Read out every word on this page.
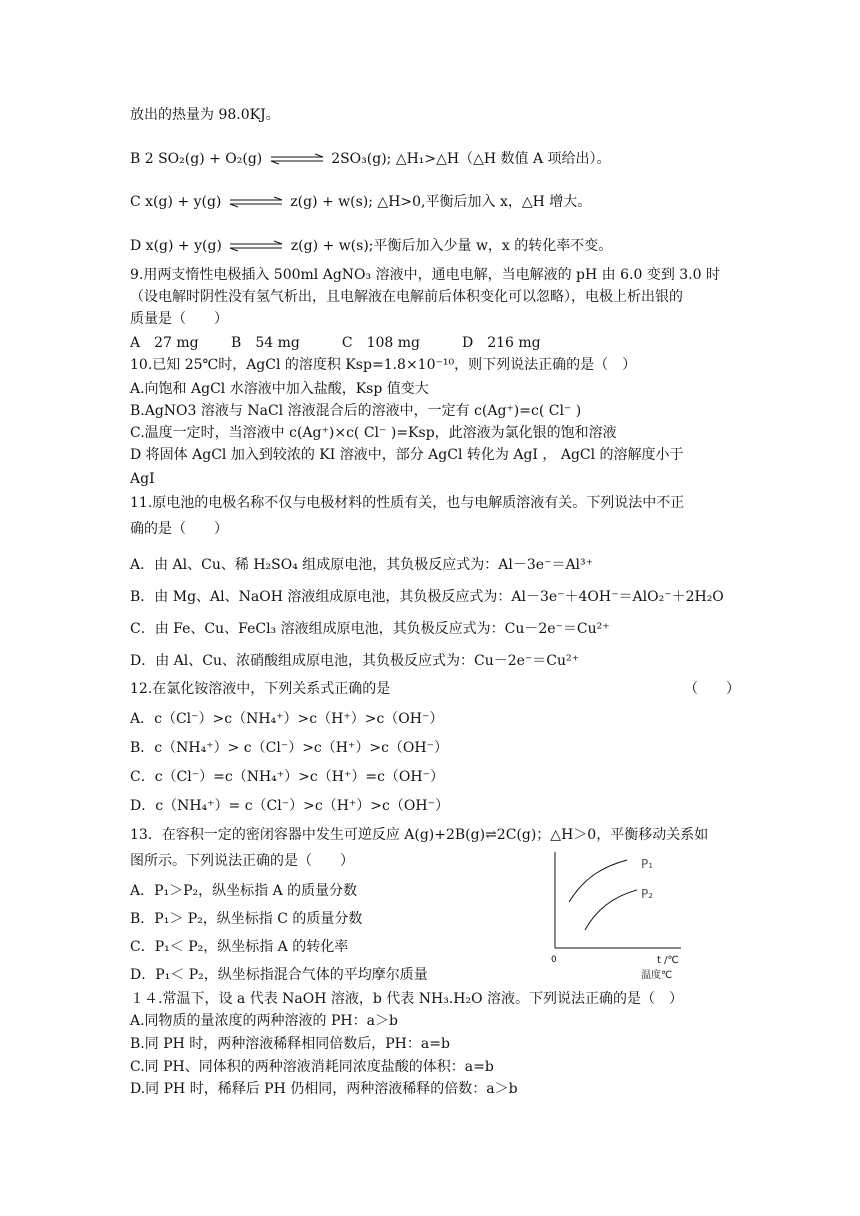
放出的热量为 98.0KJ。
B 2 SO₂(g) + O₂(g) ⇌ 2SO₃(g); △H₁>△H（△H 数值 A 项给出）。
C x(g) + y(g) ⇌ z(g) + w(s); △H>0,平衡后加入 x，△H 增大。
D x(g) + y(g) ⇌ z(g) + w(s);平衡后加入少量 w，x 的转化率不变。
9.用两支惰性电极插入 500ml AgNO₃ 溶液中，通电电解，当电解液的 pH 由 6.0 变到 3.0 时
（设电解时阴性没有氢气析出，且电解液在电解前后体积变化可以忽略），电极上析出银的
质量是（　　）
A　27 mg　　 B　54 mg　　　C　108 mg　　　D　216 mg
10.已知 25℃时，AgCl 的溶度积 Ksp=1.8×10⁻¹⁰，则下列说法正确的是（　）
A.向饱和 AgCl 水溶液中加入盐酸，Ksp 值变大
B.AgNO3 溶液与 NaCl 溶液混合后的溶液中，一定有 c(Ag⁺)=c( Cl⁻ )
C.温度一定时，当溶液中 c(Ag⁺)×c( Cl⁻ )=Ksp，此溶液为氯化银的饱和溶液
D 将固体 AgCl 加入到较浓的 KI 溶液中，部分 AgCl 转化为 AgI ， AgCl 的溶解度小于
AgI
11.原电池的电极名称不仅与电极材料的性质有关，也与电解质溶液有关。下列说法中不正
确的是（　　）
A．由 Al、Cu、稀 H₂SO₄ 组成原电池，其负极反应式为：Al－3e⁻＝Al³⁺
B．由 Mg、Al、NaOH 溶液组成原电池，其负极反应式为：Al－3e⁻＋4OH⁻＝AlO₂⁻＋2H₂O
C．由 Fe、Cu、FeCl₃ 溶液组成原电池，其负极反应式为：Cu－2e⁻＝Cu²⁺
D．由 Al、Cu、浓硝酸组成原电池，其负极反应式为：Cu－2e⁻＝Cu²⁺
12.在氯化铵溶液中，下列关系式正确的是	（　　）
A．c（Cl⁻）>c（NH₄⁺）>c（H⁺）>c（OH⁻）
B．c（NH₄⁺）> c（Cl⁻）>c（H⁺）>c（OH⁻）
C．c（Cl⁻）=c（NH₄⁺）>c（H⁺）=c（OH⁻）
D．c（NH₄⁺）= c（Cl⁻）>c（H⁺）>c（OH⁻）
13．在容积一定的密闭容器中发生可逆反应 A(g)+2B(g)⇌2C(g)；△H＞0，平衡移动关系如
图所示。下列说法正确的是（　　）
A．P₁＞P₂，纵坐标指 A 的质量分数
B．P₁＞ P₂，纵坐标指 C 的质量分数
C．P₁＜ P₂，纵坐标指 A 的转化率
D．P₁＜ P₂，纵坐标指混合气体的平均摩尔质量
P₁
P₂
0	t /℃
温度℃
１４.常温下，设 a 代表 NaOH 溶液，b 代表 NH₃.H₂O 溶液。下列说法正确的是（　）
A.同物质的量浓度的两种溶液的 PH：a＞b
B.同 PH 时，两种溶液稀释相同倍数后，PH：a=b
C.同 PH、同体积的两种溶液消耗同浓度盐酸的体积：a=b
D.同 PH 时，稀释后 PH 仍相同，两种溶液稀释的倍数：a＞b
